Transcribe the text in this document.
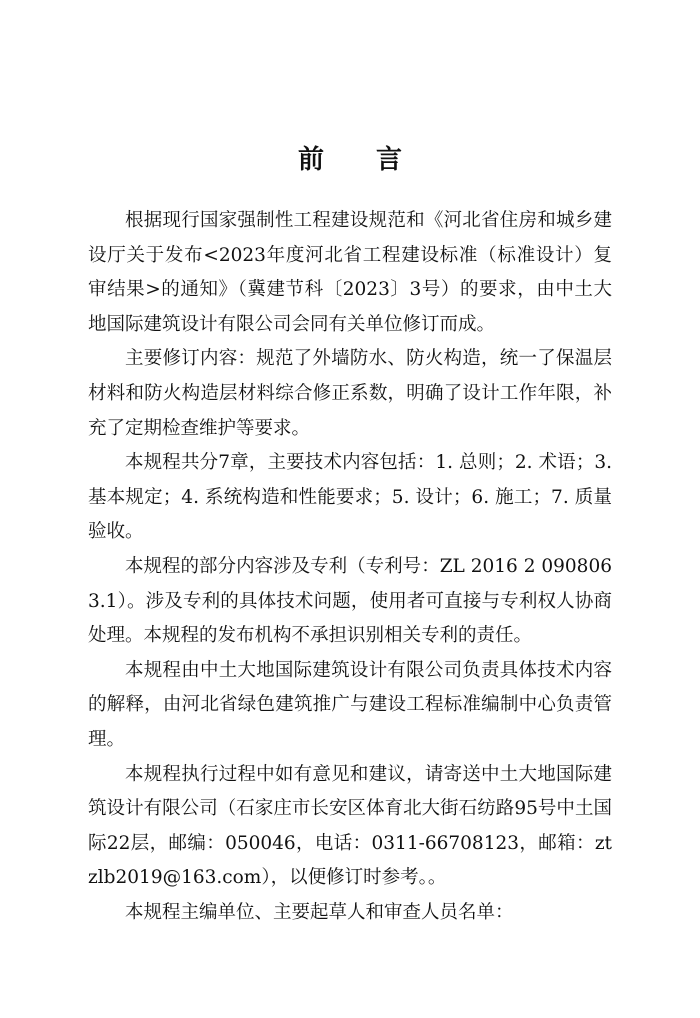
前 言

根据现行国家强制性工程建设规范和《河北省住房和城乡建设厅关于发布<2023年度河北省工程建设标准（标准设计）复审结果>的通知》（冀建节科〔2023〕3号）的要求，由中土大地国际建筑设计有限公司会同有关单位修订而成。

主要修订内容：规范了外墙防水、防火构造，统一了保温层材料和防火构造层材料综合修正系数，明确了设计工作年限，补充了定期检查维护等要求。

本规程共分7章，主要技术内容包括：1. 总则；2. 术语；3. 基本规定；4. 系统构造和性能要求；5. 设计；6. 施工；7. 质量验收。

本规程的部分内容涉及专利（专利号：ZL 2016 2 0908063.1）。涉及专利的具体技术问题，使用者可直接与专利权人协商处理。本规程的发布机构不承担识别相关专利的责任。

本规程由中土大地国际建筑设计有限公司负责具体技术内容的解释，由河北省绿色建筑推广与建设工程标准编制中心负责管理。

本规程执行过程中如有意见和建议，请寄送中土大地国际建筑设计有限公司（石家庄市长安区体育北大街石纺路95号中土国际22层，邮编：050046，电话：0311-66708123，邮箱：ztzlb2019@163.com），以便修订时参考。。

本规程主编单位、主要起草人和审查人员名单：
